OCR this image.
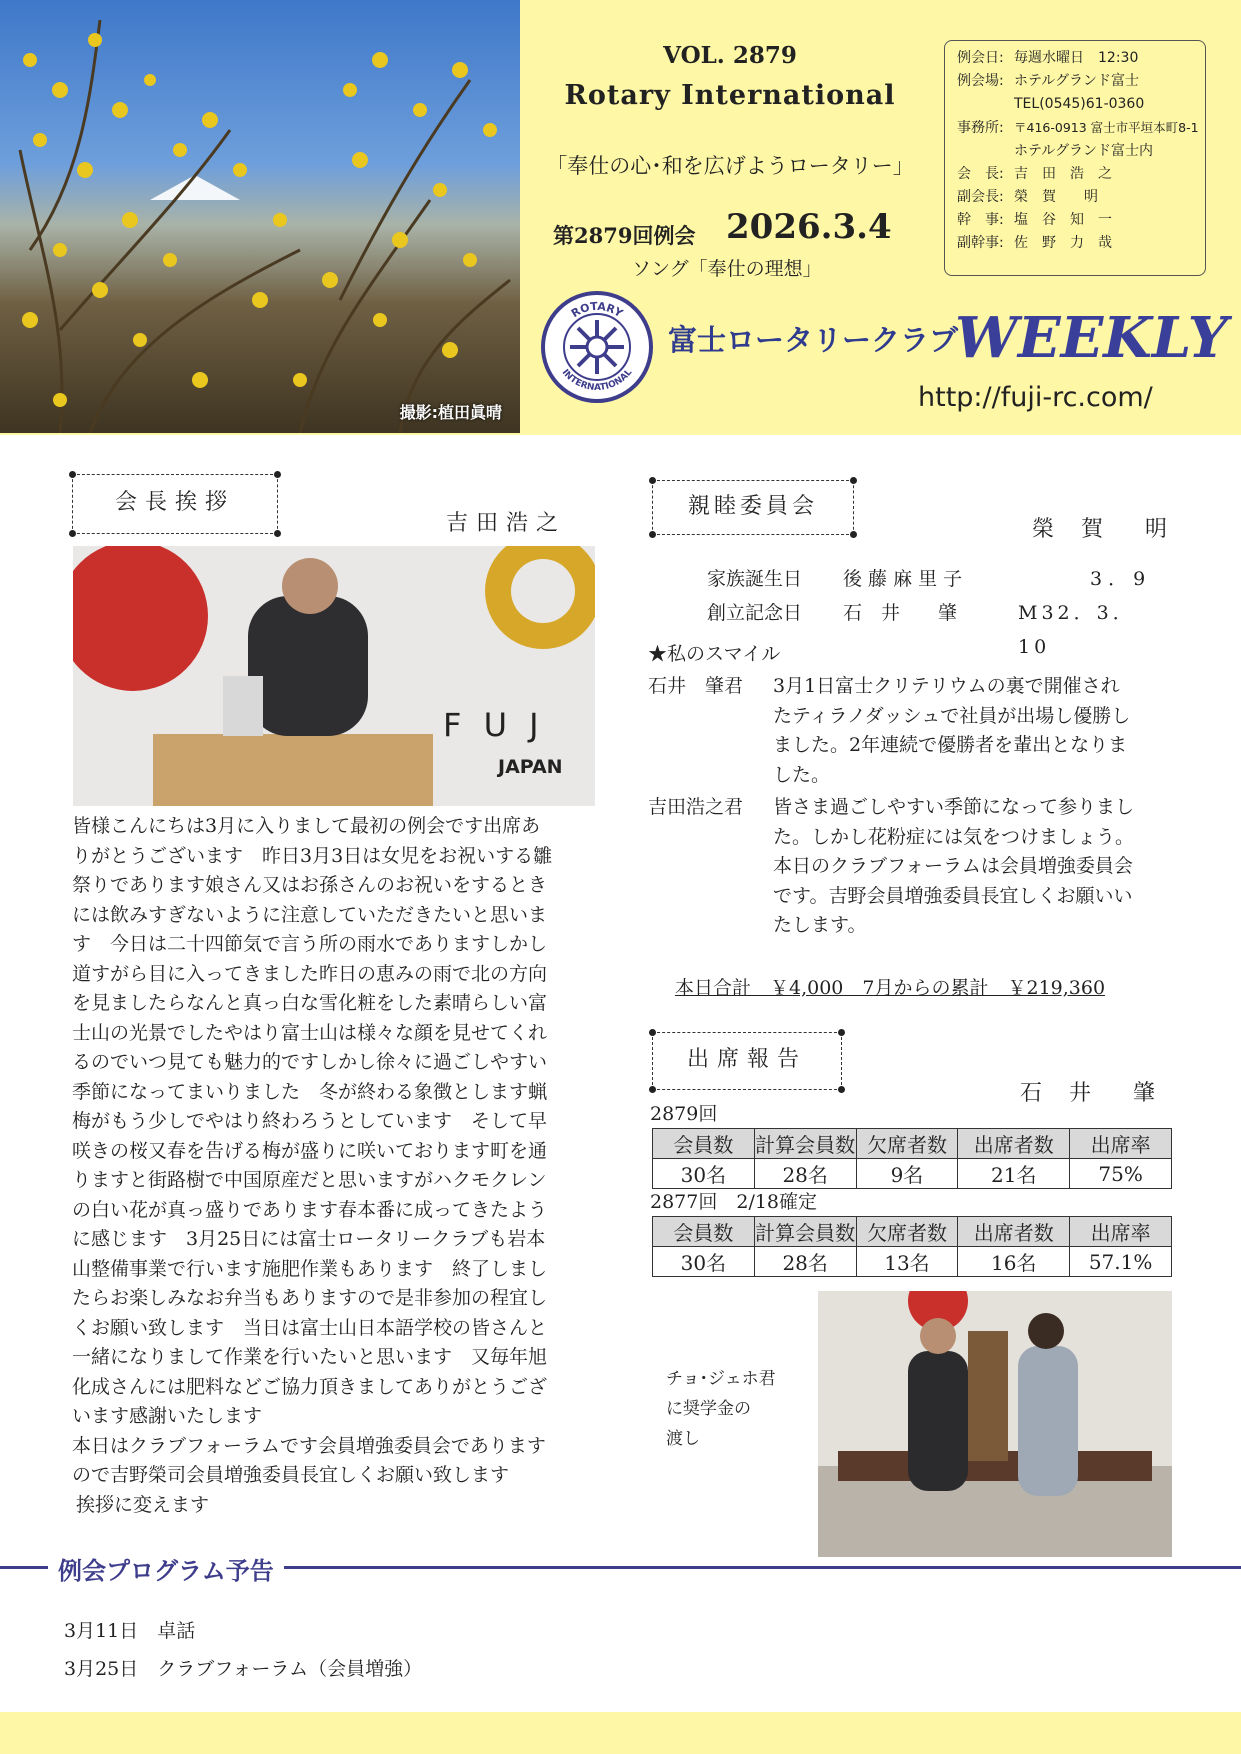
撮影:植田眞晴
VOL. 2879
Rotary International
「奉仕の心･和を広げようロータリー」
第2879回例会 2026.3.4
ソング「奉仕の理想」
例会日: 毎週水曜日　12:30
例会場: ホテルグランド富士
TEL(0545)61-0360
事務所: 〒416-0913 富士市平垣本町8-1
ホテルグランド富士内
会　長: 吉　田　浩　之
副会長: 榮　賀　　明
幹　事: 塩　谷　知　一
副幹事: 佐　野　力　哉
ROTARY
INTERNATIONAL
富士ロータリークラブ
WEEKLY
http://fuji-rc.com/
会長挨拶
吉田浩之
F U J
JAPAN
皆様こんにちは3月に入りまして最初の例会です出席あ
りがとうございます　昨日3月3日は女児をお祝いする雛
祭りであります娘さん又はお孫さんのお祝いをするとき
には飲みすぎないように注意していただきたいと思いま
す　今日は二十四節気で言う所の雨水でありますしかし
道すがら目に入ってきました昨日の恵みの雨で北の方向
を見ましたらなんと真っ白な雪化粧をした素晴らしい富
士山の光景でしたやはり富士山は様々な顔を見せてくれ
るのでいつ見ても魅力的ですしかし徐々に過ごしやすい
季節になってまいりました　冬が終わる象徴とします蝋
梅がもう少しでやはり終わろうとしています　そして早
咲きの桜又春を告げる梅が盛りに咲いております町を通
りますと街路樹で中国原産だと思いますがハクモクレン
の白い花が真っ盛りであります春本番に成ってきたよう
に感じます　3月25日には富士ロータリークラブも岩本
山整備事業で行います施肥作業もあります　終了しまし
たらお楽しみなお弁当もありますので是非参加の程宜し
くお願い致します　当日は富士山日本語学校の皆さんと
一緒になりまして作業を行いたいと思います　又毎年旭
化成さんには肥料などご協力頂きましてありがとうござ
います感謝いたします
本日はクラブフォーラムです会員増強委員会であります
ので吉野榮司会員増強委員長宜しくお願い致します
挨拶に変えます
親睦委員会
榮 賀　明
家族誕生日 後 藤 麻 里 子	3．9
創立記念日 石　井　　肇	M32．3．10
★私のスマイル
石井　肇君 3月1日富士クリテリウムの裏で開催され
たティラノダッシュで社員が出場し優勝し
ました。2年連続で優勝者を輩出となりま
した。
吉田浩之君 皆さま過ごしやすい季節になって参りまし
た。しかし花粉症には気をつけましょう。
本日のクラブフォーラムは会員増強委員会
です。吉野会員増強委員長宜しくお願いい
たします。
本日合計　￥4,000　7月からの累計　￥219,360
出席報告
石 井　肇
2879回
会員数	計算会員数	欠席者数	出席者数	出席率
30名	28名	9名	21名	75%
2877回　2/18確定
会員数	計算会員数	欠席者数	出席者数	出席率
30名	28名	13名	16名	57.1%
チョ･ジェホ君
に奨学金の
渡し
例会プログラム予告
3月11日　卓話
3月25日　クラブフォーラム（会員増強）
